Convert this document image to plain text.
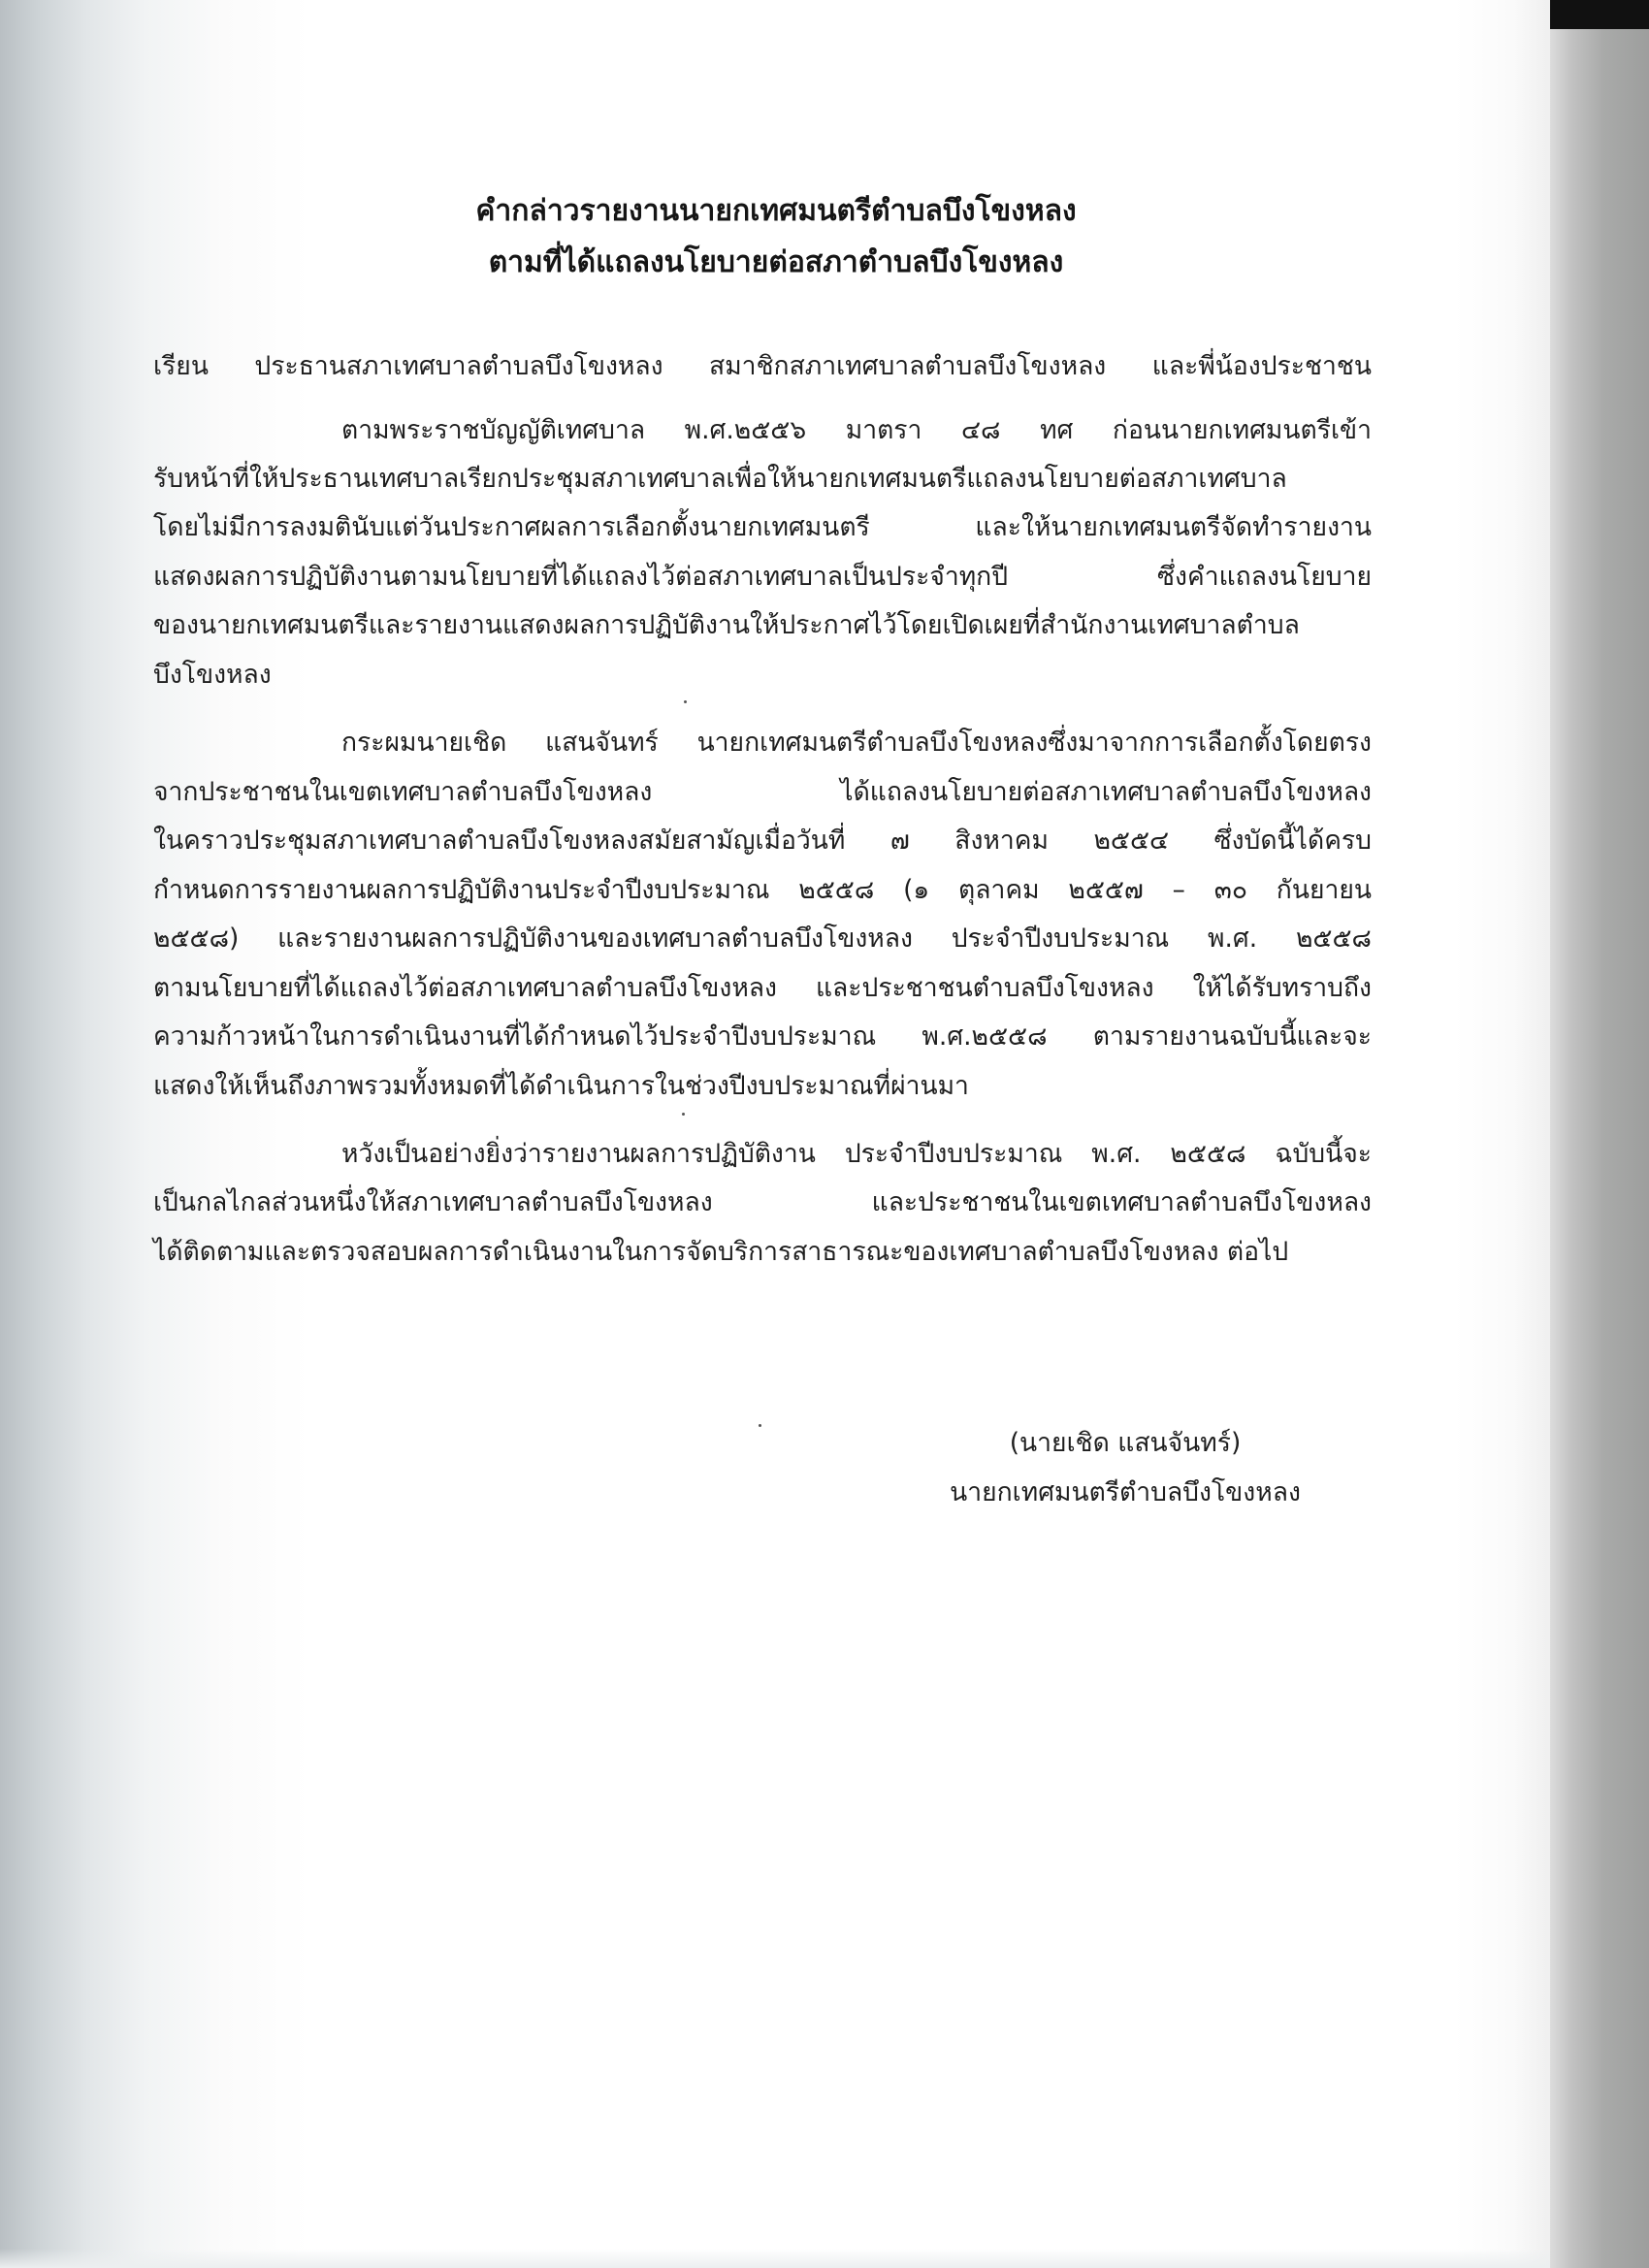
คำกล่าวรายงานนายกเทศมนตรีตำบลบึงโขงหลง
ตามที่ได้แถลงนโยบายต่อสภาตำบลบึงโขงหลง
เรียน ประธานสภาเทศบาลตำบลบึงโขงหลง สมาชิกสภาเทศบาลตำบลบึงโขงหลง และพี่น้องประชาชน
ตามพระราชบัญญัติเทศบาล พ.ศ.๒๕๕๖ มาตรา ๔๘ ทศ ก่อนนายกเทศมนตรีเข้า
รับหน้าที่ให้ประธานเทศบาลเรียกประชุมสภาเทศบาลเพื่อให้นายกเทศมนตรีแถลงนโยบายต่อสภาเทศบาล
โดยไม่มีการลงมตินับแต่วันประกาศผลการเลือกตั้งนายกเทศมนตรี และให้นายกเทศมนตรีจัดทำรายงาน
แสดงผลการปฏิบัติงานตามนโยบายที่ได้แถลงไว้ต่อสภาเทศบาลเป็นประจำทุกปี ซึ่งคำแถลงนโยบาย
ของนายกเทศมนตรีและรายงานแสดงผลการปฏิบัติงานให้ประกาศไว้โดยเปิดเผยที่สำนักงานเทศบาลตำบล
บึงโขงหลง
กระผมนายเชิด แสนจันทร์ นายกเทศมนตรีตำบลบึงโขงหลงซึ่งมาจากการเลือกตั้งโดยตรง
จากประชาชนในเขตเทศบาลตำบลบึงโขงหลง ได้แถลงนโยบายต่อสภาเทศบาลตำบลบึงโขงหลง
ในคราวประชุมสภาเทศบาลตำบลบึงโขงหลงสมัยสามัญเมื่อวันที่ ๗ สิงหาคม ๒๕๕๔ ซึ่งบัดนี้ได้ครบ
กำหนดการรายงานผลการปฏิบัติงานประจำปีงบประมาณ ๒๕๕๘ (๑ ตุลาคม ๒๕๕๗ – ๓๐ กันยายน
๒๕๕๘) และรายงานผลการปฏิบัติงานของเทศบาลตำบลบึงโขงหลง ประจำปีงบประมาณ พ.ศ. ๒๕๕๘
ตามนโยบายที่ได้แถลงไว้ต่อสภาเทศบาลตำบลบึงโขงหลง และประชาชนตำบลบึงโขงหลง ให้ได้รับทราบถึง
ความก้าวหน้าในการดำเนินงานที่ได้กำหนดไว้ประจำปีงบประมาณ พ.ศ.๒๕๕๘ ตามรายงานฉบับนี้และจะ
แสดงให้เห็นถึงภาพรวมทั้งหมดที่ได้ดำเนินการในช่วงปีงบประมาณที่ผ่านมา
หวังเป็นอย่างยิ่งว่ารายงานผลการปฏิบัติงาน ประจำปีงบประมาณ พ.ศ. ๒๕๕๘ ฉบับนี้จะ
เป็นกลไกลส่วนหนึ่งให้สภาเทศบาลตำบลบึงโขงหลง และประชาชนในเขตเทศบาลตำบลบึงโขงหลง
ได้ติดตามและตรวจสอบผลการดำเนินงานในการจัดบริการสาธารณะของเทศบาลตำบลบึงโขงหลง ต่อไป
(นายเชิด แสนจันทร์)
นายกเทศมนตรีตำบลบึงโขงหลง
